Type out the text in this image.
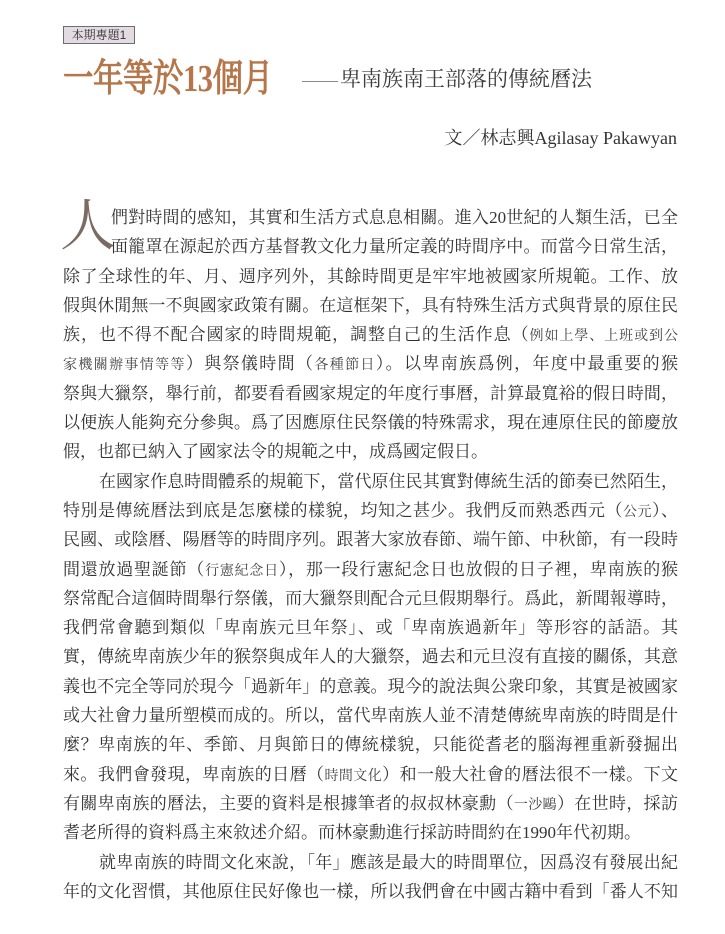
本期專題1
一年等於13個月	卑南族南王部落的傳統曆法
文／林志興Agilasay Pakawyan
人
們對時間的感知，其實和生活方式息息相關。進入20世紀的人類生活，已全
面籠罩在源起於西方基督教文化力量所定義的時間序中。而當今日常生活，
除了全球性的年、月、週序列外，其餘時間更是牢牢地被國家所規範。工作、放
假與休閒無一不與國家政策有關。在這框架下，具有特殊生活方式與背景的原住民
族，也不得不配合國家的時間規範，調整自己的生活作息（例如上學、上班或到公
家機關辦事情等等）與祭儀時間（各種節日）。以卑南族爲例，年度中最重要的猴
祭與大獵祭，舉行前，都要看看國家規定的年度行事曆，計算最寬裕的假日時間，
以便族人能夠充分參與。爲了因應原住民祭儀的特殊需求，現在連原住民的節慶放
假，也都已納入了國家法令的規範之中，成爲國定假日。
在國家作息時間體系的規範下，當代原住民其實對傳統生活的節奏已然陌生，
特別是傳統曆法到底是怎麼樣的樣貌，均知之甚少。我們反而熟悉西元（公元）、
民國、或陰曆、陽曆等的時間序列。跟著大家放春節、端午節、中秋節，有一段時
間還放過聖誕節（行憲紀念日），那一段行憲紀念日也放假的日子裡，卑南族的猴
祭常配合這個時間舉行祭儀，而大獵祭則配合元旦假期舉行。爲此，新聞報導時，
我們常會聽到類似「卑南族元旦年祭」、或「卑南族過新年」等形容的話語。其
實，傳統卑南族少年的猴祭與成年人的大獵祭，過去和元旦沒有直接的關係，其意
義也不完全等同於現今「過新年」的意義。現今的說法與公衆印象，其實是被國家
或大社會力量所塑模而成的。所以，當代卑南族人並不清楚傳統卑南族的時間是什
麼？卑南族的年、季節、月與節日的傳統樣貌，只能從耆老的腦海裡重新發掘出
來。我們會發現，卑南族的日曆（時間文化）和一般大社會的曆法很不一樣。下文
有關卑南族的曆法，主要的資料是根據筆者的叔叔林豪勳（一沙鷗）在世時，採訪
耆老所得的資料爲主來敘述介紹。而林豪勳進行採訪時間約在1990年代初期。
就卑南族的時間文化來說，「年」應該是最大的時間單位，因爲沒有發展出紀
年的文化習慣，其他原住民好像也一樣，所以我們會在中國古籍中看到「番人不知
